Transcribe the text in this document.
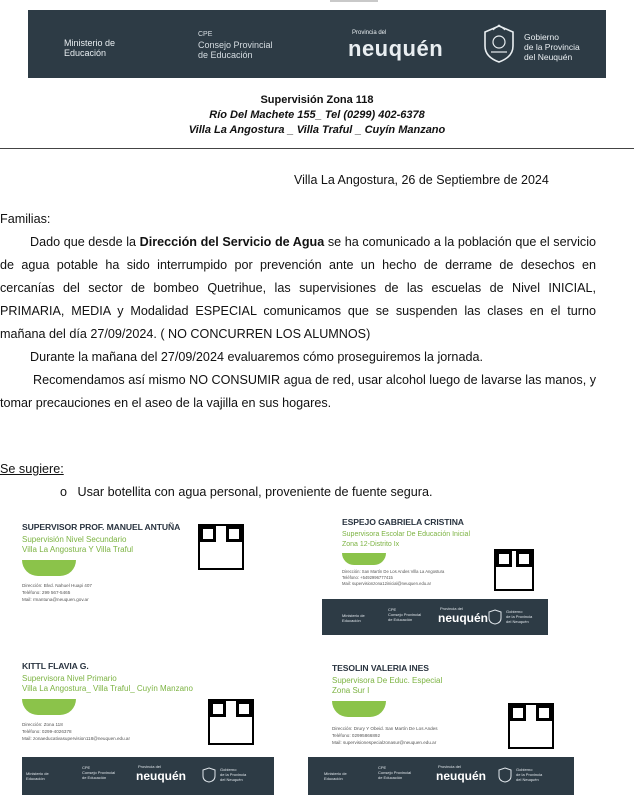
Ministerio de
Educación
CPE
Consejo Provincial
de Educación
Provincia del
neuquén	Gobierno
de la Provincia
del Neuquén
Supervisión Zona 118
Río Del Machete 155_ Tel (0299) 402-6378
Villa La Angostura _ Villa Traful _ Cuyín Manzano
Villa La Angostura, 26 de Septiembre de 2024
Familias:
Dado que desde la Dirección del Servicio de Agua se ha comunicado a la población que el servicio de agua potable ha sido interrumpido por prevención ante un hecho de derrame de desechos en cercanías del sector de bombeo Quetrihue, las supervisiones de las escuelas de Nivel INICIAL, PRIMARIA, MEDIA y Modalidad ESPECIAL comunicamos que se suspenden las clases en el turno mañana del día 27/09/2024. ( NO CONCURREN LOS ALUMNOS)
Durante la mañana del 27/09/2024 evaluaremos cómo proseguiremos la jornada.
Recomendamos así mismo NO CONSUMIR agua de red, usar alcohol luego de lavarse las manos, y tomar precauciones en el aseo de la vajilla en sus hogares.
Se sugiere:
o Usar botellita con agua personal, proveniente de fuente segura.
SUPERVISOR PROF. MANUEL ANTUÑA
Supervisión Nivel Secundario
Villa La Angostura Y Villa Traful
Dirección: Blvd. Nahuel Huapi 407
Teléfono: 299 567-5465
Mail: rmantuna@neuquen.gov.ar
ESPEJO GABRIELA CRISTINA
Supervisora Escolar De Educación Inicial
Zona 12-Distrito Ix
Dirección: San Martín De Los Andes Villa La Angostura
Teléfono: +5492996777415
Mail: supervisionzona12inicial@neuquen.edu.ar
Ministerio de
Educación
CPE
Consejo Provincial
de Educación
Provincia del
neuquén	Gobierno
de la Provincia
del Neuquén
KITTL FLAVIA G.
Supervisora Nivel Primario
Villa La Angostura_ Villa Traful_ Cuyín Manzano
Dirección: Zona 118
Teléfono: 0299-4026378
Mail: zonaeducativasupervision118@neuquen.edu.ar
Ministerio de
Educación
CPE
Consejo Provincial
de Educación
Provincia del
neuquén	Gobierno
de la Provincia
del Neuquén
TESOLIN VALERIA INES
Supervisora De Educ. Especial
Zona Sur I
Dirección: Drury Y Obeid. San Martín De Los Andes
Teléfono: 02995866892
Mail: supervisionespecialzonasur@neuquen.edu.ar
Ministerio de
Educación
CPE
Consejo Provincial
de Educación
Provincia del
neuquén	Gobierno
de la Provincia
del Neuquén
